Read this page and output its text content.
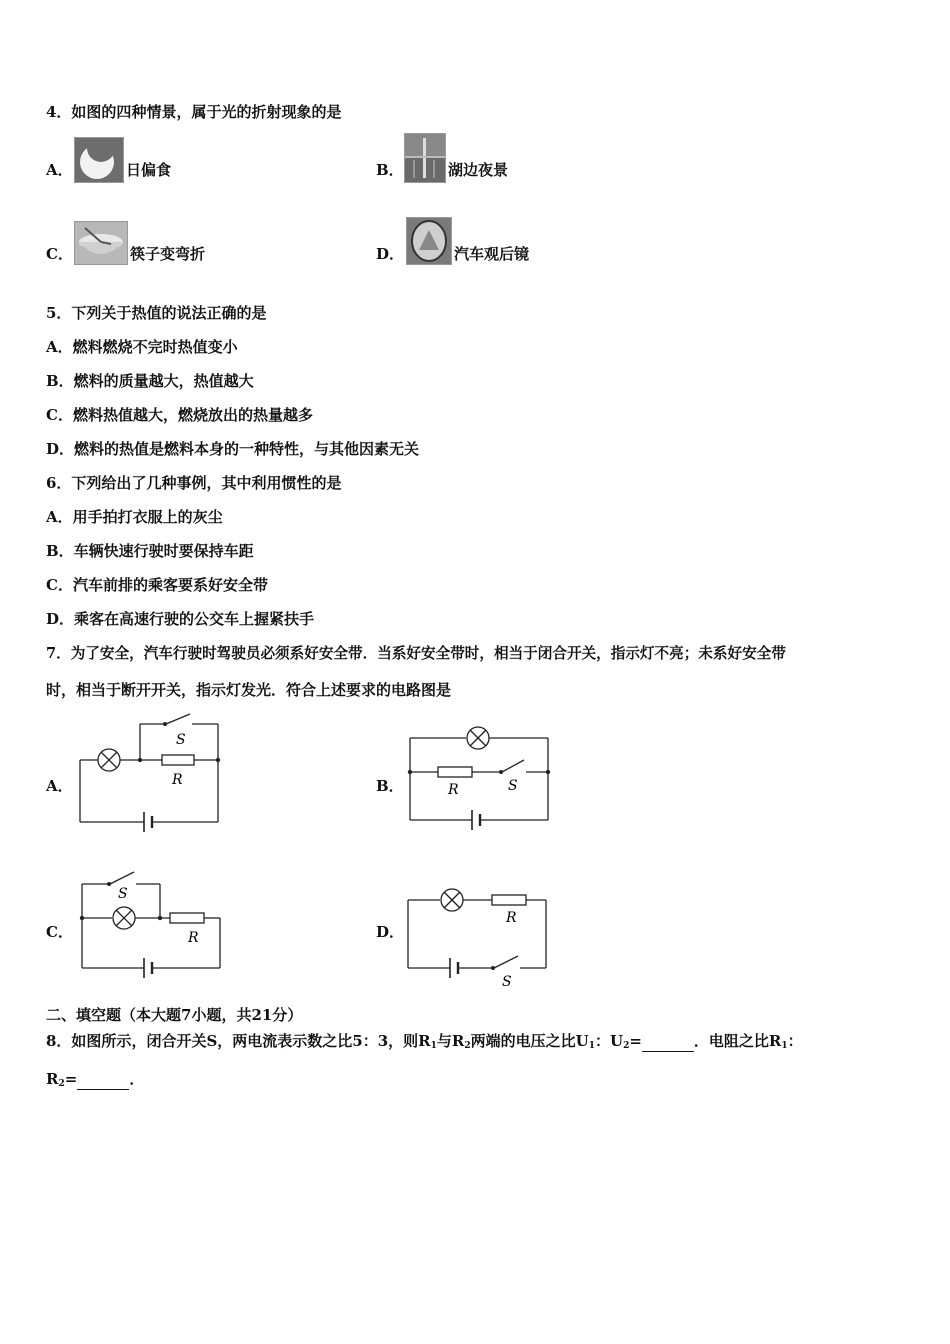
4．如图的四种情景，属于光的折射现象的是
A．	日偏食	B．	湖边夜景
C．	筷子变弯折	D．	汽车观后镜
5．下列关于热值的说法正确的是
A．燃料燃烧不完时热值变小
B．燃料的质量越大，热值越大
C．燃料热值越大，燃烧放出的热量越多
D．燃料的热值是燃料本身的一种特性，与其他因素无关
6．下列给出了几种事例，其中利用惯性的是
A．用手拍打衣服上的灰尘
B．车辆快速行驶时要保持车距
C．汽车前排的乘客要系好安全带
D．乘客在高速行驶的公交车上握紧扶手
7．为了安全，汽车行驶时驾驶员必须系好安全带．当系好安全带时，相当于闭合开关，指示灯不亮；未系好安全带
时，相当于断开开关，指示灯发光．符合上述要求的电路图是
A．
S
R	B．	R	S
C．
S
R	D．
R
S
二、填空题（本大题7小题，共21分）
8．如图所示，闭合开关S，两电流表示数之比5：3，则$R_1$与$R_2$两端的电压之比$U_1$：$U_2=$	．电阻之比$R_1$：
$R_2=$	．
